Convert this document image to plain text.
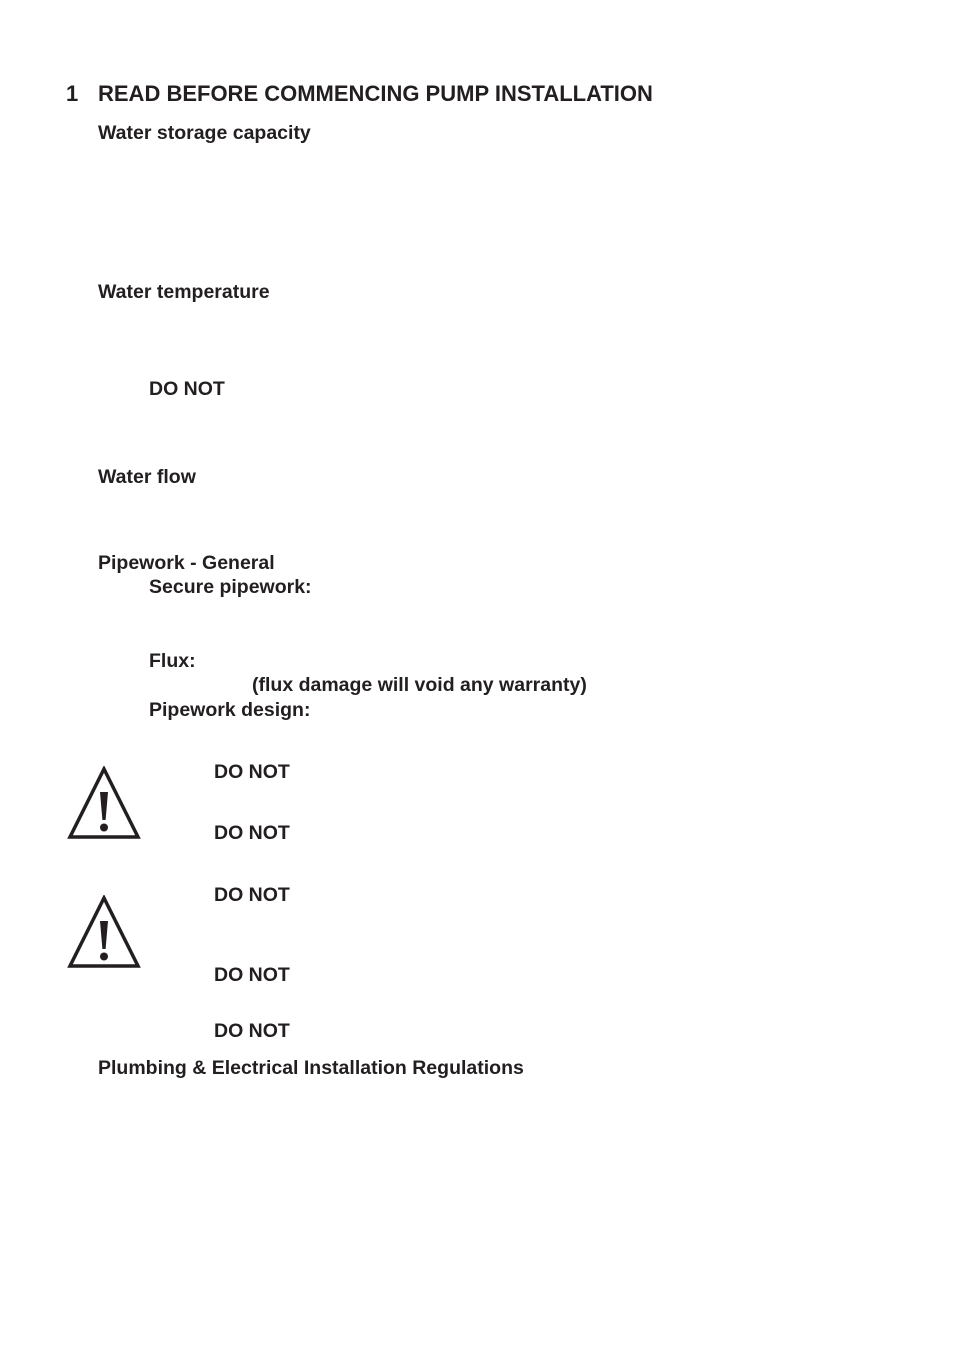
1 READ BEFORE COMMENCING PUMP INSTALLATION
Water storage capacity
Water temperature
DO NOT
Water flow
Pipework - General
Secure pipework:
Flux:
(flux damage will void any warranty)
Pipework design:
DO NOT
DO NOT
DO NOT
DO NOT
DO NOT
Plumbing & Electrical Installation Regulations
